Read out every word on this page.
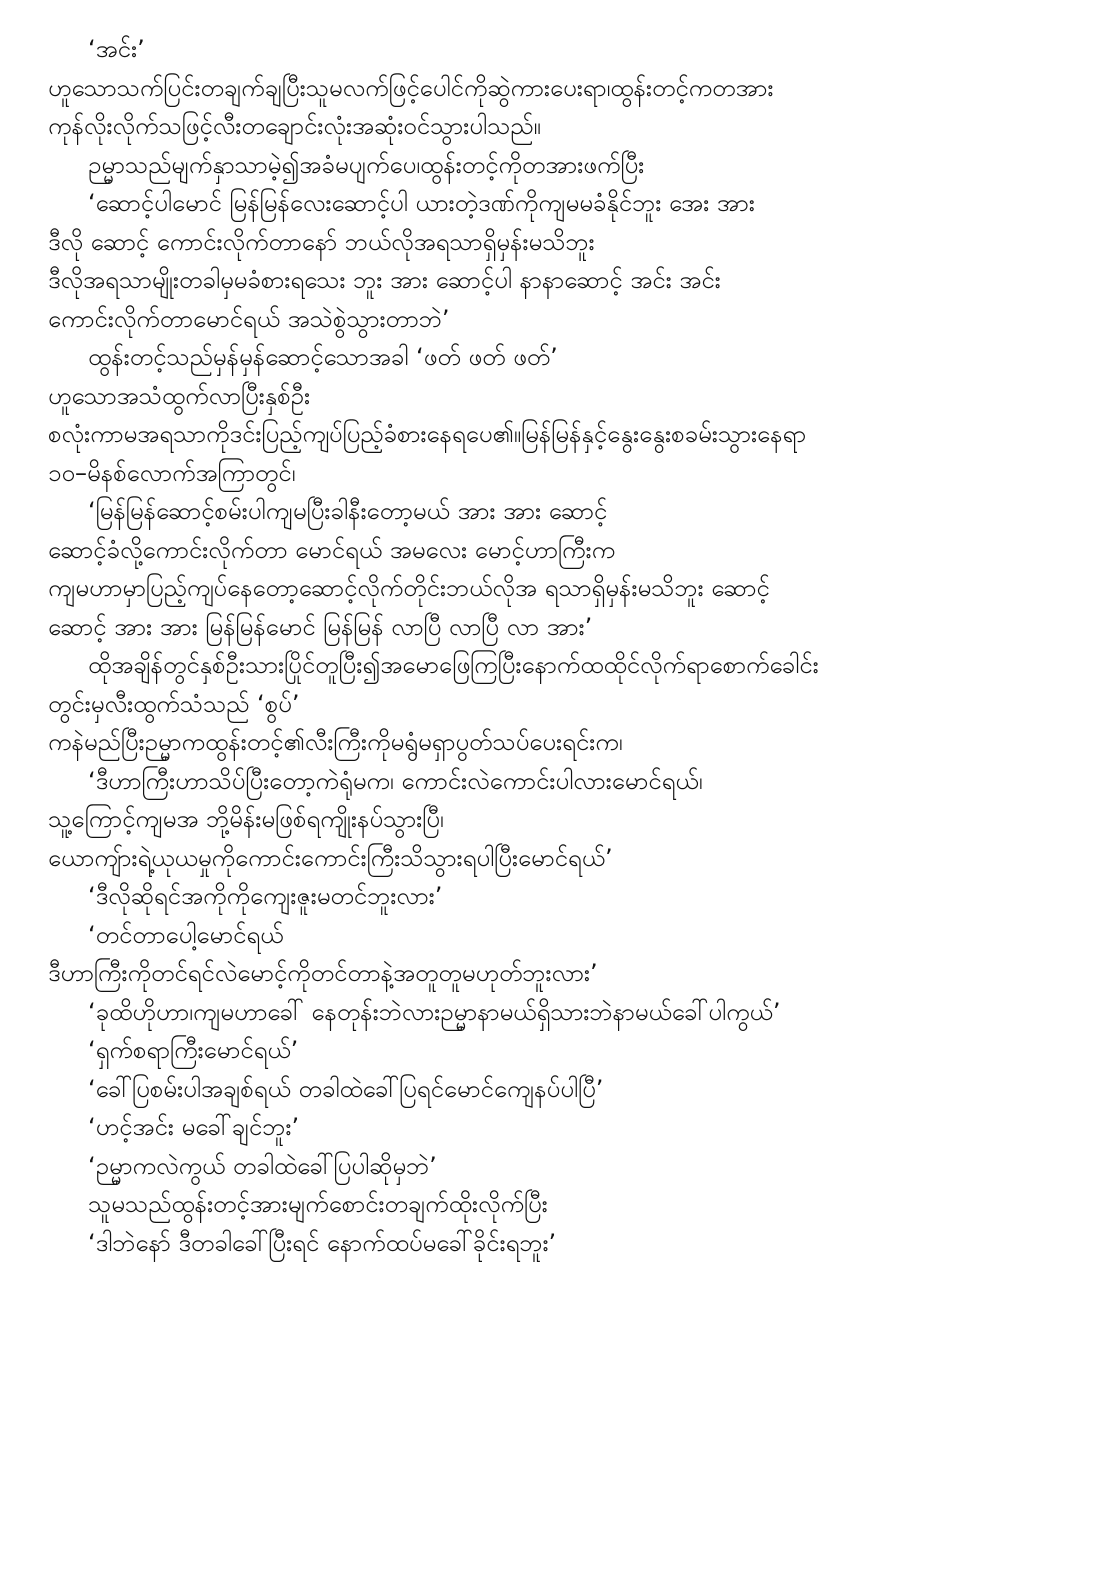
‘အင်း’
ဟူသောသက်ပြင်းတချက်ချပြီးသူမလက်ဖြင့်ပေါင်ကိုဆွဲကားပေးရာ၊ထွန်းတင့်ကတအား
ကုန်လိုးလိုက်သဖြင့်လီးတချောင်းလုံးအဆုံးဝင်သွားပါသည်။
ဉမ္မာသည်မျက်နှာသာမဲ့၍အခံမပျက်ပေ၊ထွန်းတင့်ကိုတအားဖက်ပြီး
‘ဆောင့်ပါမောင် မြန်မြန်လေးဆောင့်ပါ ယားတဲ့ဒဏ်ကိုကျမမခံနိုင်ဘူး အေး အား
ဒီလို ဆောင့် ကောင်းလိုက်တာနော် ဘယ်လိုအရသာရှိမှန်းမသိဘူး
ဒီလိုအရသာမျိုးတခါမှမခံစားရသေး ဘူး အား ဆောင့်ပါ နာနာဆောင့် အင်း အင်း
ကောင်းလိုက်တာမောင်ရယ် အသဲစွဲသွားတာဘဲ’
ထွန်းတင့်သည်မှန်မှန်ဆောင့်သောအခါ ‘ဖတ် ဖတ် ဖတ်’
ဟူသောအသံထွက်လာပြီးနှစ်ဦး
စလုံးကာမအရသာကိုဒင်းပြည့်ကျပ်ပြည့်ခံစားနေရပေ၏။မြန်မြန်နှင့်နွေးနွေးစခမ်းသွားနေရာ
၁၀–မိနစ်လောက်အကြာတွင်၊
‘မြန်မြန်ဆောင့်စမ်းပါကျမပြီးခါနီးတော့မယ် အား အား ဆောင့်
ဆောင့်ခံလို့ကောင်းလိုက်တာ မောင်ရယ် အမလေး မောင့်ဟာကြီးက
ကျမဟာမှာပြည့်ကျပ်နေတော့ဆောင့်လိုက်တိုင်းဘယ်လိုအ ရသာရှိမှန်းမသိဘူး ဆောင့်
ဆောင့် အား အား မြန်မြန်မောင် မြန်မြန် လာပြီ လာပြီ လာ အား’
ထိုအချိန်တွင်နှစ်ဦးသားပြိုင်တူပြီး၍အမောဖြေကြပြီးနောက်ထထိုင်လိုက်ရာစောက်ခေါင်း
တွင်းမှလီးထွက်သံသည် ‘စွပ်’
ကနဲမည်ပြီးဉမ္မာကထွန်းတင့်၏လီးကြီးကိုမရွံမရှာပွတ်သပ်ပေးရင်းက၊
‘ဒီဟာကြီးဟာသိပ်ပြီးတော့ကဲရုံမက၊ ကောင်းလဲကောင်းပါလားမောင်ရယ်၊
သူ့ကြောင့်ကျမအ ဘို့မိန်းမဖြစ်ရကျိုးနပ်သွားပြီ၊
ယောကျ်ားရဲ့ယုယမှုကိုကောင်းကောင်းကြီးသိသွားရပါပြီးမောင်ရယ်’
‘ဒီလိုဆိုရင်အကိုကိုကျေးဇူးမတင်ဘူးလား’
‘တင်တာပေါ့မောင်ရယ်
ဒီဟာကြီးကိုတင်ရင်လဲမောင့်ကိုတင်တာနဲ့အတူတူမဟုတ်ဘူးလား’
‘ခုထိဟိုဟာ၊ကျမဟာခေါ် နေတုန်းဘဲလားဉမ္မာနာမယ်ရှိသားဘဲနာမယ်ခေါ်ပါကွယ်’
‘ရှက်စရာကြီးမောင်ရယ်’
‘ခေါ်ပြစမ်းပါအချစ်ရယ် တခါထဲခေါ်ပြရင်မောင်ကျေနပ်ပါပြီ’
‘ဟင့်အင်း မခေါ်ချင်ဘူး’
‘ဉမ္မာကလဲကွယ် တခါထဲခေါ်ပြပါဆိုမှဘဲ’
သူမသည်ထွန်းတင့်အားမျက်စောင်းတချက်ထိုးလိုက်ပြီး
‘ဒါဘဲနော် ဒီတခါခေါ်ပြီးရင် နောက်ထပ်မခေါ်ခိုင်းရဘူး’
